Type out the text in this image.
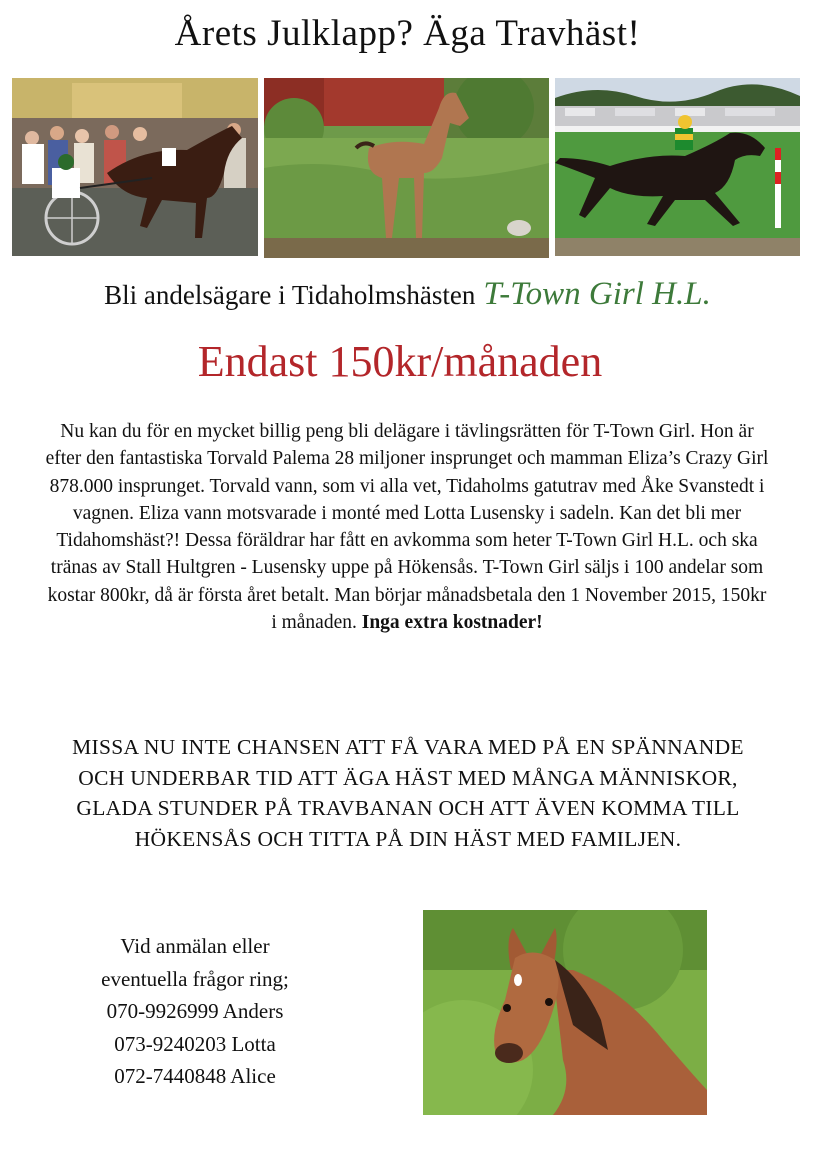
Årets Julklapp? Äga Travhäst!
Bli andelsägare i Tidaholmshästen T-Town Girl H.L.
Endast 150kr/månaden
Nu kan du för en mycket billig peng bli delägare i tävlingsrätten för T-Town Girl. Hon är efter den fantastiska Torvald Palema 28 miljoner insprunget och mamman Eliza’s Crazy Girl 878.000 insprunget. Torvald vann, som vi alla vet, Tidaholms gatutrav med Åke Svanstedt i vagnen. Eliza vann motsvarade i monté med Lotta Lusensky i sadeln. Kan det bli mer Tidahomshäst?! Dessa föräldrar har fått en avkomma som heter T-Town Girl H.L. och ska tränas av Stall Hultgren - Lusensky uppe på Hökensås. T-Town Girl säljs i 100 andelar som kostar 800kr, då är första året betalt. Man börjar månadsbetala den 1 November 2015, 150kr i månaden. Inga extra kostnader!
MISSA NU INTE CHANSEN ATT FÅ VARA MED PÅ EN SPÄNNANDE OCH UNDERBAR TID ATT ÄGA HÄST MED MÅNGA MÄNNISKOR, GLADA STUNDER PÅ TRAVBANAN OCH ATT ÄVEN KOMMA TILL HÖKENSÅS OCH TITTA PÅ DIN HÄST MED FAMILJEN.
Vid anmälan eller
eventuella frågor ring;
070-9926999 Anders
073-9240203 Lotta
072-7440848 Alice
